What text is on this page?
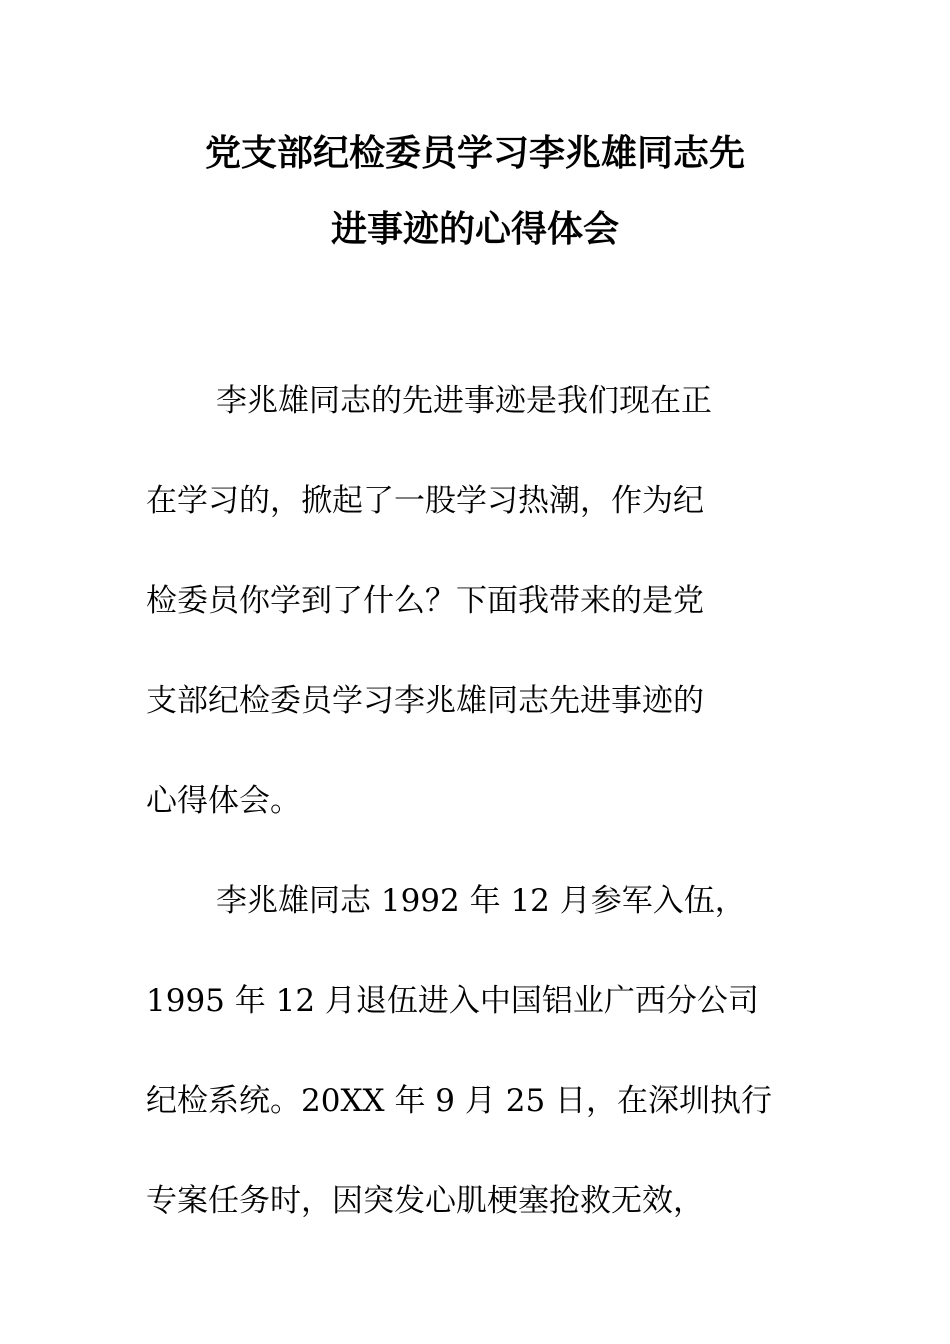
党支部纪检委员学习李兆雄同志先
进事迹的心得体会
李兆雄同志的先进事迹是我们现在正
在学习的，掀起了一股学习热潮，作为纪
检委员你学到了什么？下面我带来的是党
支部纪检委员学习李兆雄同志先进事迹的
心得体会。
李兆雄同志 1992 年 12 月参军入伍，
1995 年 12 月退伍进入中国铝业广西分公司
纪检系统。20XX 年 9 月 25 日，在深圳执行
专案任务时，因突发心肌梗塞抢救无效，
